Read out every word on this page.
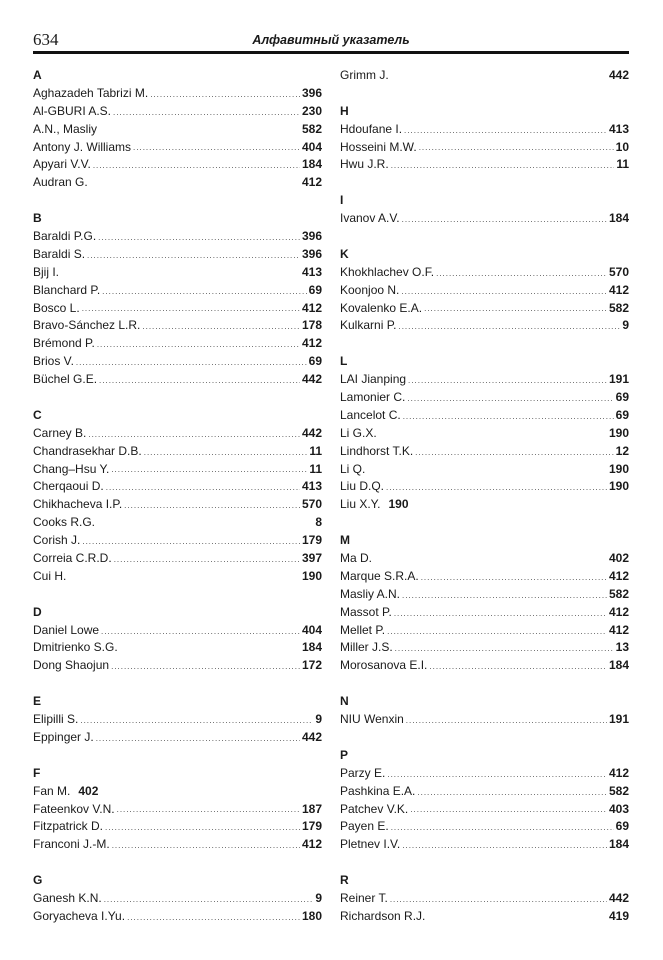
634	Алфавитный указатель
A
Aghazadeh Tabrizi M. .....	396
Al-GBURI A.S. .....	230
A.N., Masliy	582
Antony J. Williams .....	404
Apyari V.V. .....	184
Audran G.	412
B
Baraldi P.G. .....	396
Baraldi S. .....	396
Bjij I.	413
Blanchard P. .....	69
Bosco L. .....	412
Bravo-Sánchez L.R. .....	178
Brémond P. .....	412
Brios V. .....	69
Büchel G.E. .....	442
C
Carney B. .....	442
Chandrasekhar D.B. .....	11
Chang–Hsu Y. .....	11
Cherqaoui D. .....	413
Chikhacheva I.P. .....	570
Cooks R.G.	8
Corish J. .....	179
Correia C.R.D. .....	397
Cui H.	190
D
Daniel Lowe .....	404
Dmitrienko S.G.	184
Dong Shaojun .....	172
E
Elipilli S. .....	9
Eppinger J. .....	442
F
Fan M. 402
Fateenkov V.N. .....	187
Fitzpatrick D. .....	179
Franconi J.-M. .....	412
G
Ganesh K.N. .....	9
Goryacheva I.Yu. .....	180
Grimm J.	442
H
Hdoufane I. .....	413
Hosseini M.W. .....	10
Hwu J.R. .....	11
I
Ivanov A.V. .....	184
K
Khokhlachev O.F. .....	570
Koonjoo N. .....	412
Kovalenko E.A. .....	582
Kulkarni P. .....	9
L
LAI Jianping .....	191
Lamonier C. .....	69
Lancelot C. .....	69
Li G.X.	190
Lindhorst T.K. .....	12
Li Q.	190
Liu D.Q. .....	190
Liu X.Y. 190
M
Ma D.	402
Marque S.R.A. .....	412
Masliy A.N. .....	582
Massot P. .....	412
Mellet P. .....	412
Miller J.S. .....	13
Morosanova E.I. .....	184
N
NIU Wenxin .....	191
P
Parzy E. .....	412
Pashkina E.A. .....	582
Patchev V.K. .....	403
Payen E. .....	69
Pletnev I.V. .....	184
R
Reiner T. .....	442
Richardson R.J.	419
